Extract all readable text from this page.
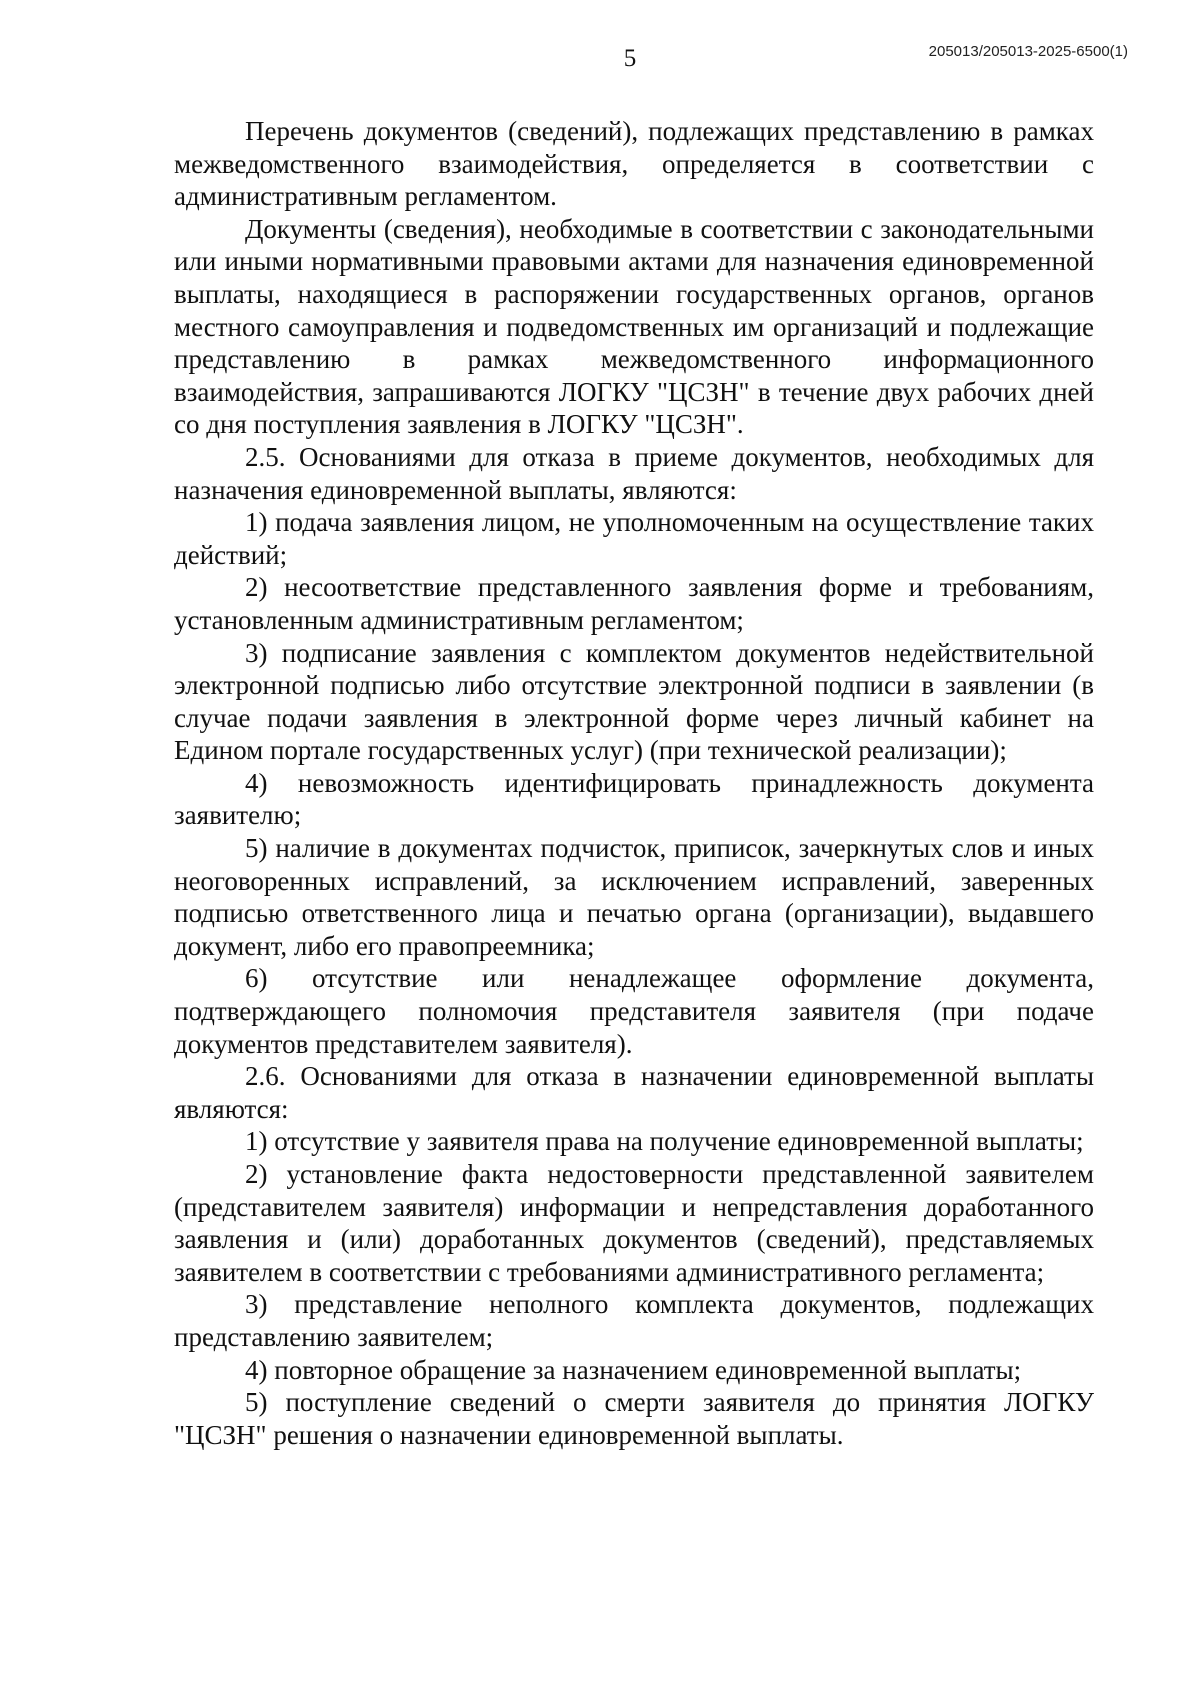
5	205013/205013-2025-6500(1)

Перечень документов (сведений), подлежащих представлению в рамках межведомственного взаимодействия, определяется в соответствии с административным регламентом.

Документы (сведения), необходимые в соответствии с законодательными или иными нормативными правовыми актами для назначения единовременной выплаты, находящиеся в распоряжении государственных органов, органов местного самоуправления и подведомственных им организаций и подлежащие представлению в рамках межведомственного информационного взаимодействия, запрашиваются ЛОГКУ "ЦСЗН" в течение двух рабочих дней со дня поступления заявления в ЛОГКУ "ЦСЗН".

2.5. Основаниями для отказа в приеме документов, необходимых для назначения единовременной выплаты, являются:

1) подача заявления лицом, не уполномоченным на осуществление таких действий;

2) несоответствие представленного заявления форме и требованиям, установленным административным регламентом;

3) подписание заявления с комплектом документов недействительной электронной подписью либо отсутствие электронной подписи в заявлении (в случае подачи заявления в электронной форме через личный кабинет на Едином портале государственных услуг) (при технической реализации);

4) невозможность идентифицировать принадлежность документа заявителю;

5) наличие в документах подчисток, приписок, зачеркнутых слов и иных неоговоренных исправлений, за исключением исправлений, заверенных подписью ответственного лица и печатью органа (организации), выдавшего документ, либо его правопреемника;

6) отсутствие или ненадлежащее оформление документа, подтверждающего полномочия представителя заявителя (при подаче документов представителем заявителя).

2.6. Основаниями для отказа в назначении единовременной выплаты являются:

1) отсутствие у заявителя права на получение единовременной выплаты;

2) установление факта недостоверности представленной заявителем (представителем заявителя) информации и непредставления доработанного заявления и (или) доработанных документов (сведений), представляемых заявителем в соответствии с требованиями административного регламента;

3) представление неполного комплекта документов, подлежащих представлению заявителем;

4) повторное обращение за назначением единовременной выплаты;

5) поступление сведений о смерти заявителя до принятия ЛОГКУ "ЦСЗН" решения о назначении единовременной выплаты.
